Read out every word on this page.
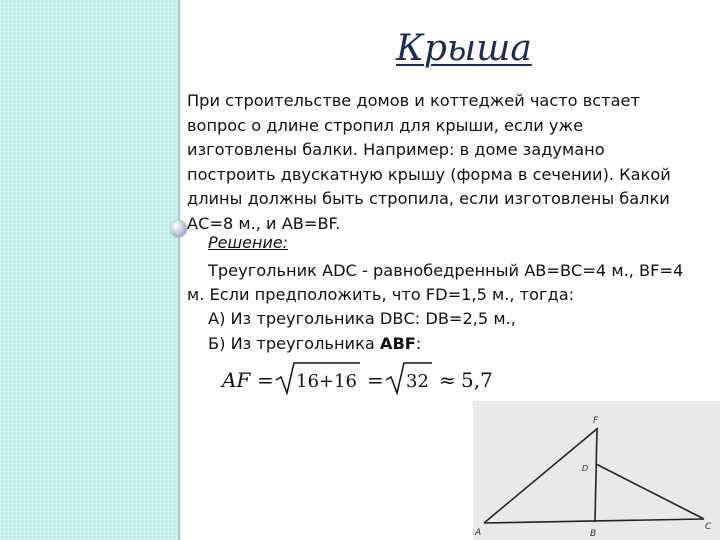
Крыша
При строительстве домов и коттеджей часто встает
вопрос о длине стропил для крыши, если уже
изготовлены балки. Например: в доме задумано
построить двускатную крышу (форма в сечении). Какой
длины должны быть стропила, если изготовлены балки
АС=8 м., и АВ=ВF.
Решение:
Треугольник АDC - равнобедренный АВ=ВС=4 м., ВF=4
м. Если предположить, что FD=1,5 м., тогда:
А) Из треугольника DВС: DВ=2,5 м.,
Б) Из треугольника АВF:
AF = 16+16 = 32 ≈ 5,7
A	B
C
D
F
